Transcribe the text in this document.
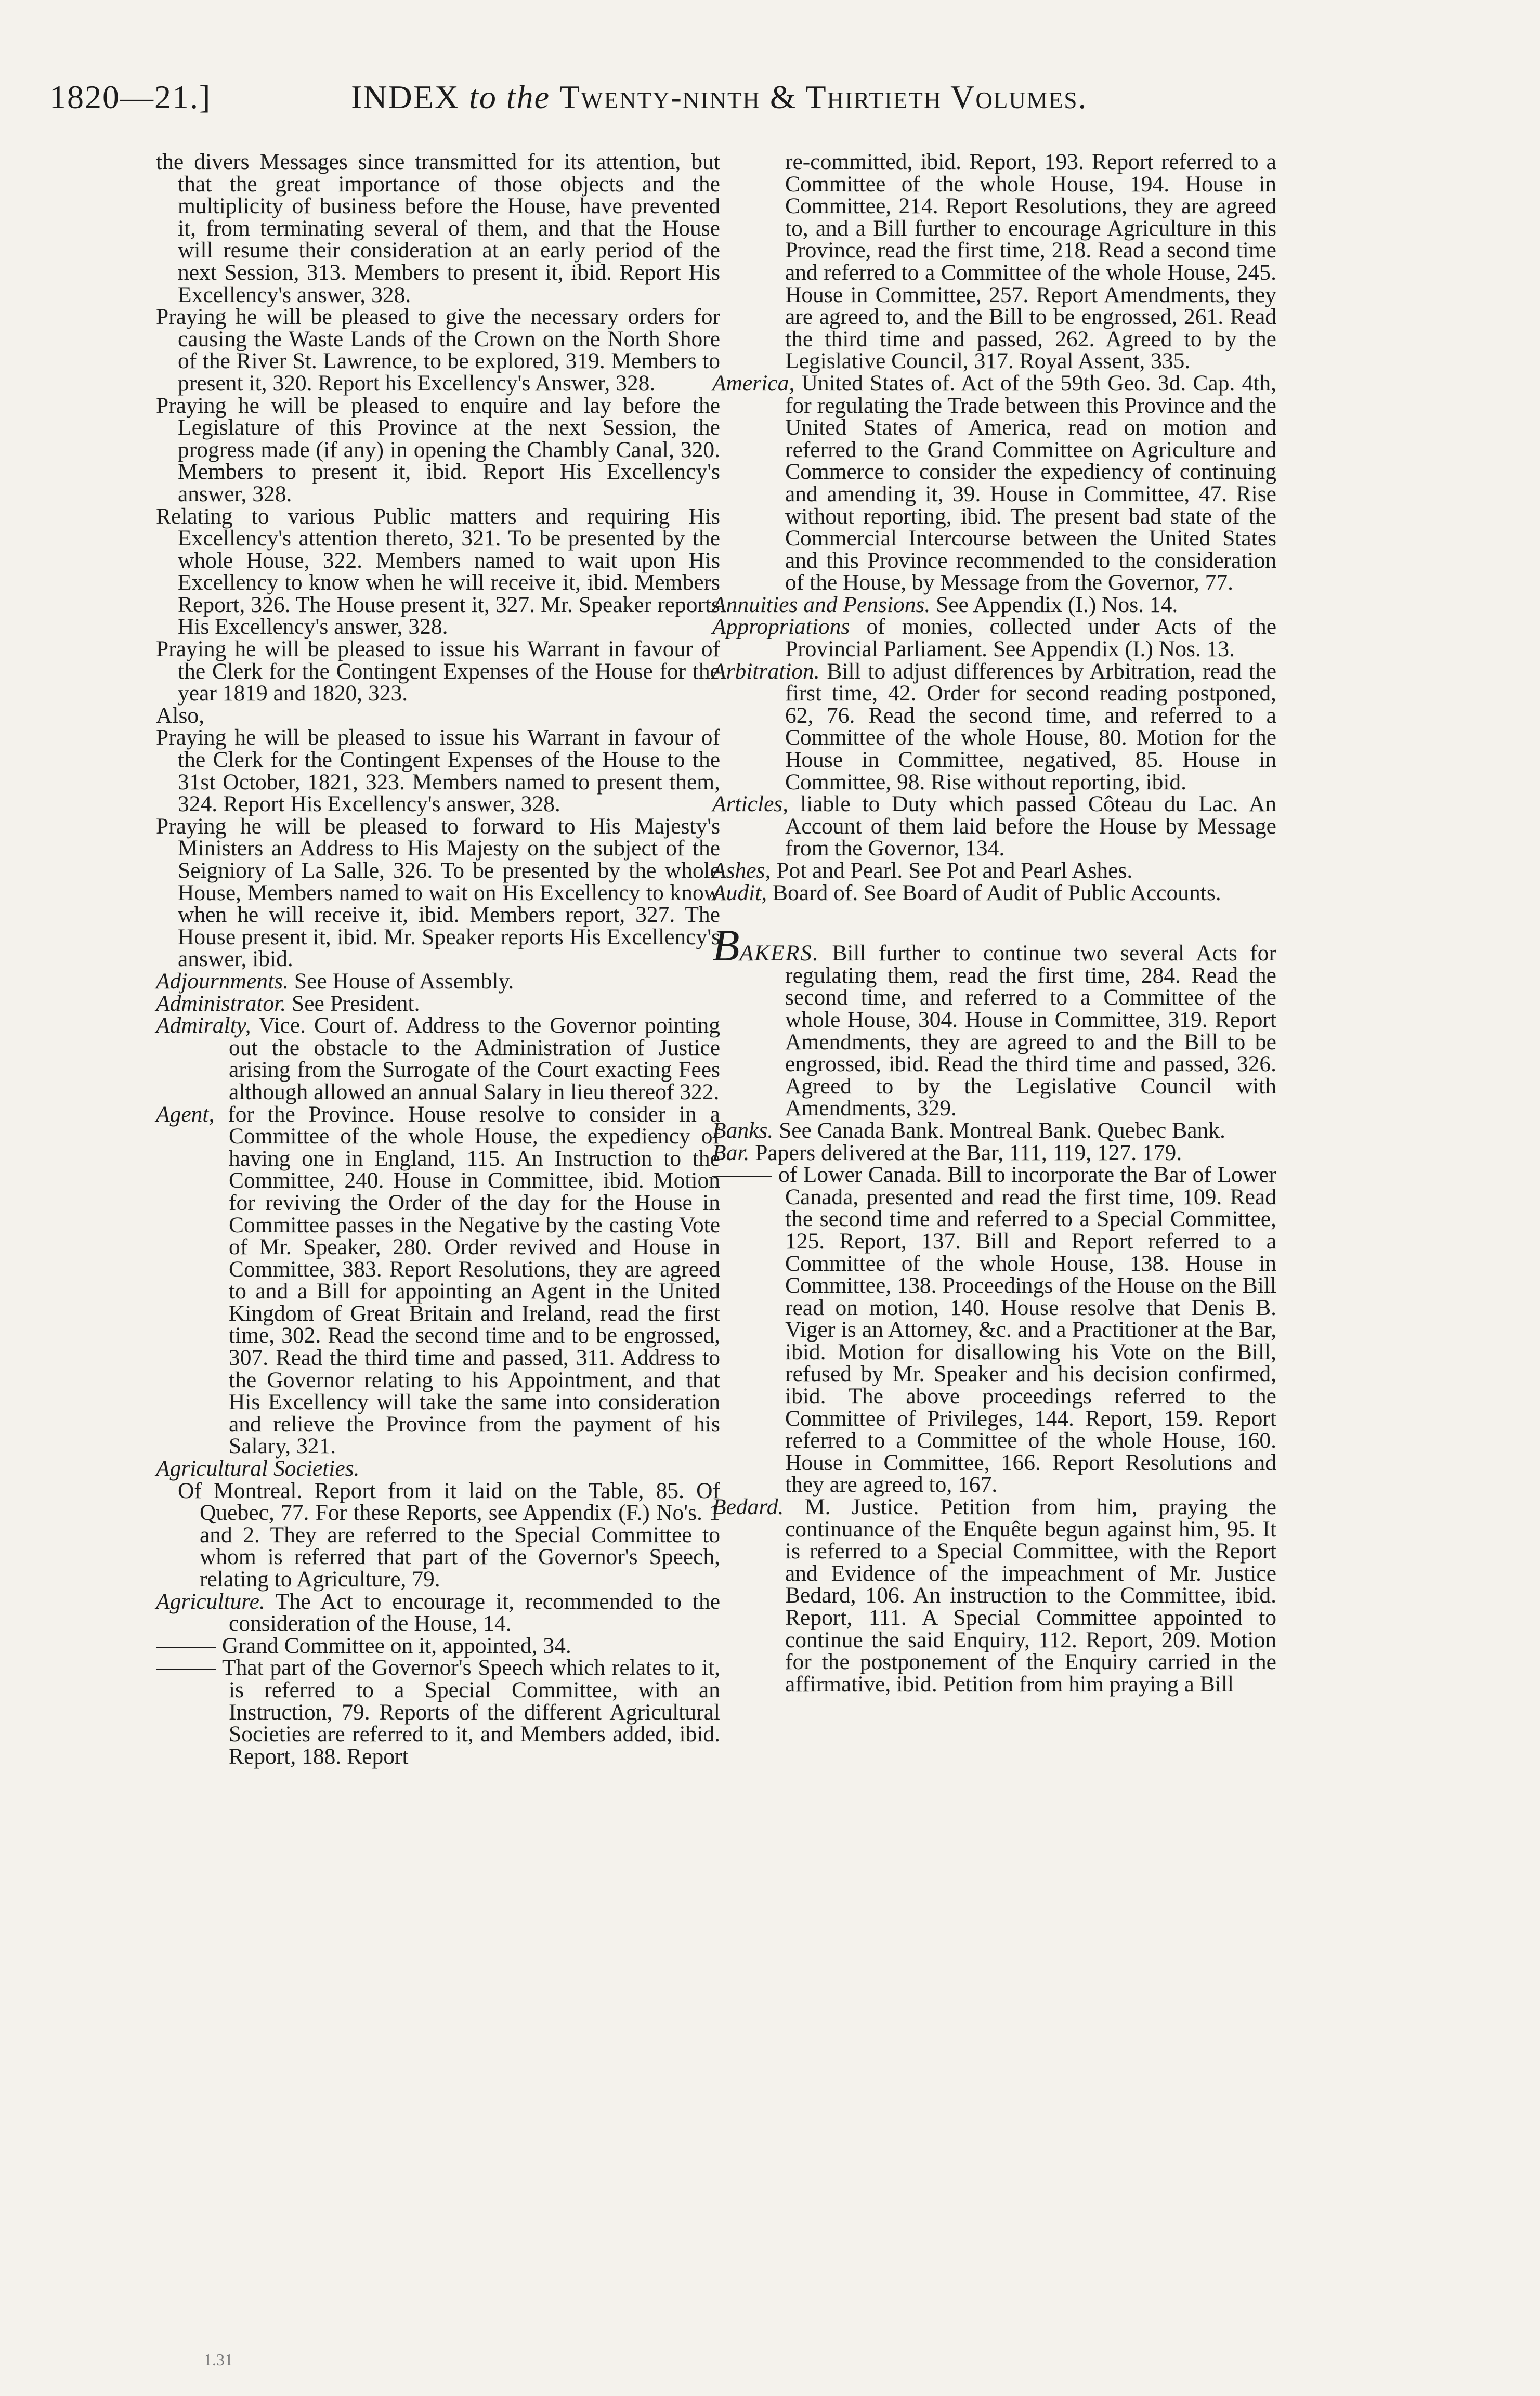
1820—21.]	INDEX to the Twenty-ninth & Thirtieth Volumes.
the divers Messages since transmitted for its attention, but that the great importance of those objects and the multiplicity of business before the House, have prevented it, from terminating several of them, and that the House will resume their consideration at an early period of the next Session, 313. Members to present it, ibid. Report His Excellency's answer, 328.
Praying he will be pleased to give the necessary orders for causing the Waste Lands of the Crown on the North Shore of the River St. Lawrence, to be explored, 319. Members to present it, 320. Report his Excellency's Answer, 328.
Praying he will be pleased to enquire and lay before the Legislature of this Province at the next Session, the progress made (if any) in opening the Chambly Canal, 320. Members to present it, ibid. Report His Excellency's answer, 328.
Relating to various Public matters and requiring His Excellency's attention thereto, 321. To be presented by the whole House, 322. Members named to wait upon His Excellency to know when he will receive it, ibid. Members Report, 326. The House present it, 327. Mr. Speaker reports His Excellency's answer, 328.
Praying he will be pleased to issue his Warrant in favour of the Clerk for the Contingent Expenses of the House for the year 1819 and 1820, 323.
Also,
Praying he will be pleased to issue his Warrant in favour of the Clerk for the Contingent Expenses of the House to the 31st October, 1821, 323. Members named to present them, 324. Report His Excellency's answer, 328.
Praying he will be pleased to forward to His Majesty's Ministers an Address to His Majesty on the subject of the Seigniory of La Salle, 326. To be presented by the whole House, Members named to wait on His Excellency to know when he will receive it, ibid. Members report, 327. The House present it, ibid. Mr. Speaker reports His Excellency's answer, ibid.
Adjournments. See House of Assembly.
Administrator. See President.
Admiralty, Vice. Court of. Address to the Governor pointing out the obstacle to the Administration of Justice arising from the Surrogate of the Court exacting Fees although allowed an annual Salary in lieu thereof 322.
Agent, for the Province. House resolve to consider in a Committee of the whole House, the expediency of having one in England, 115. An Instruction to the Committee, 240. House in Committee, ibid. Motion for reviving the Order of the day for the House in Committee passes in the Negative by the casting Vote of Mr. Speaker, 280. Order revived and House in Committee, 383. Report Resolutions, they are agreed to and a Bill for appointing an Agent in the United Kingdom of Great Britain and Ireland, read the first time, 302. Read the second time and to be engrossed, 307. Read the third time and passed, 311. Address to the Governor relating to his Appointment, and that His Excellency will take the same into consideration and relieve the Province from the payment of his Salary, 321.
Agricultural Societies.
Of Montreal. Report from it laid on the Table, 85. Of Quebec, 77. For these Reports, see Appendix (F.) No's. 1 and 2. They are referred to the Special Committee to whom is referred that part of the Governor's Speech, relating to Agriculture, 79.
Agriculture. The Act to encourage it, recommended to the consideration of the House, 14.
Grand Committee on it, appointed, 34.
That part of the Governor's Speech which relates to it, is referred to a Special Committee, with an Instruction, 79. Reports of the different Agricultural Societies are referred to it, and Members added, ibid. Report, 188. Report
re-committed, ibid. Report, 193. Report referred to a Committee of the whole House, 194. House in Committee, 214. Report Resolutions, they are agreed to, and a Bill further to encourage Agriculture in this Province, read the first time, 218. Read a second time and referred to a Committee of the whole House, 245. House in Committee, 257. Report Amendments, they are agreed to, and the Bill to be engrossed, 261. Read the third time and passed, 262. Agreed to by the Legislative Council, 317. Royal Assent, 335.
America, United States of. Act of the 59th Geo. 3d. Cap. 4th, for regulating the Trade between this Province and the United States of America, read on motion and referred to the Grand Committee on Agriculture and Commerce to consider the expediency of continuing and amending it, 39. House in Committee, 47. Rise without reporting, ibid. The present bad state of the Commercial Intercourse between the United States and this Province recommended to the consideration of the House, by Message from the Governor, 77.
Annuities and Pensions. See Appendix (I.) Nos. 14.
Appropriations of monies, collected under Acts of the Provincial Parliament. See Appendix (I.) Nos. 13.
Arbitration. Bill to adjust differences by Arbitration, read the first time, 42. Order for second reading postponed, 62, 76. Read the second time, and referred to a Committee of the whole House, 80. Motion for the House in Committee, negatived, 85. House in Committee, 98. Rise without reporting, ibid.
Articles, liable to Duty which passed Côteau du Lac. An Account of them laid before the House by Message from the Governor, 134.
Ashes, Pot and Pearl. See Pot and Pearl Ashes.
Audit, Board of. See Board of Audit of Public Accounts.
BAKERS. Bill further to continue two several Acts for regulating them, read the first time, 284. Read the second time, and referred to a Committee of the whole House, 304. House in Committee, 319. Report Amendments, they are agreed to and the Bill to be engrossed, ibid. Read the third time and passed, 326. Agreed to by the Legislative Council with Amendments, 329.
Banks. See Canada Bank. Montreal Bank. Quebec Bank.
Bar. Papers delivered at the Bar, 111, 119, 127. 179.
of Lower Canada. Bill to incorporate the Bar of Lower Canada, presented and read the first time, 109. Read the second time and referred to a Special Committee, 125. Report, 137. Bill and Report referred to a Committee of the whole House, 138. House in Committee, 138. Proceedings of the House on the Bill read on motion, 140. House resolve that Denis B. Viger is an Attorney, &c. and a Practitioner at the Bar, ibid. Motion for disallowing his Vote on the Bill, refused by Mr. Speaker and his decision confirmed, ibid. The above proceedings referred to the Committee of Privileges, 144. Report, 159. Report referred to a Committee of the whole House, 160. House in Committee, 166. Report Resolutions and they are agreed to, 167.
Bedard. M. Justice. Petition from him, praying the continuance of the Enquête begun against him, 95. It is referred to a Special Committee, with the Report and Evidence of the impeachment of Mr. Justice Bedard, 106. An instruction to the Committee, ibid. Report, 111. A Special Committee appointed to continue the said Enquiry, 112. Report, 209. Motion for the postponement of the Enquiry carried in the affirmative, ibid. Petition from him praying a Bill
1.31
